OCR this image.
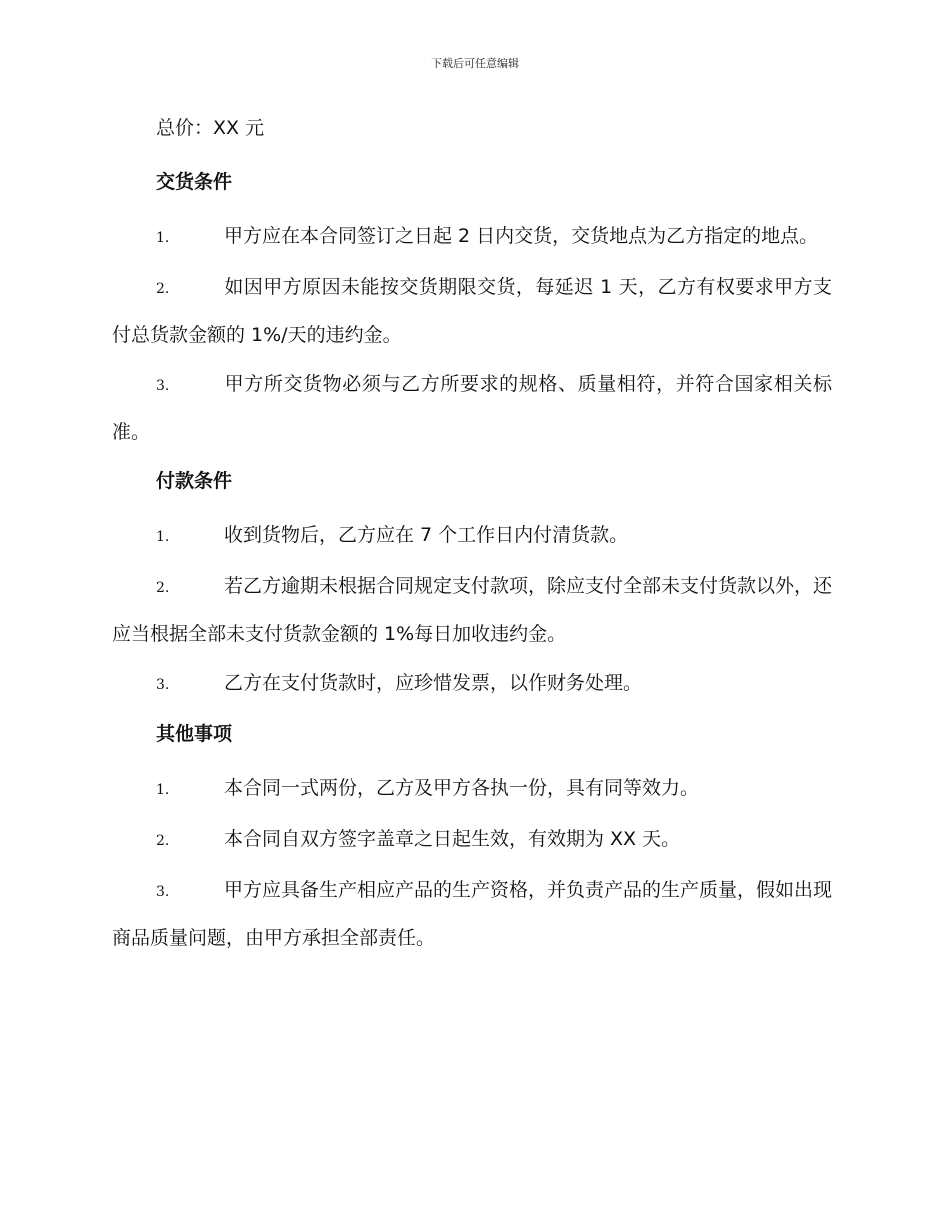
下载后可任意编辑

总价：XX 元

交货条件

1.	甲方应在本合同签订之日起 2 日内交货，交货地点为乙方指定的地点。

2.	如因甲方原因未能按交货期限交货，每延迟 1 天，乙方有权要求甲方支付总货款金额的 1%/天的违约金。

3.	甲方所交货物必须与乙方所要求的规格、质量相符，并符合国家相关标准。

付款条件

1.	收到货物后，乙方应在 7 个工作日内付清货款。

2.	若乙方逾期未根据合同规定支付款项，除应支付全部未支付货款以外，还应当根据全部未支付货款金额的 1%每日加收违约金。

3.	乙方在支付货款时，应珍惜发票，以作财务处理。

其他事项

1.	本合同一式两份，乙方及甲方各执一份，具有同等效力。

2.	本合同自双方签字盖章之日起生效，有效期为 XX 天。

3.	甲方应具备生产相应产品的生产资格，并负责产品的生产质量，假如出现商品质量问题，由甲方承担全部责任。
